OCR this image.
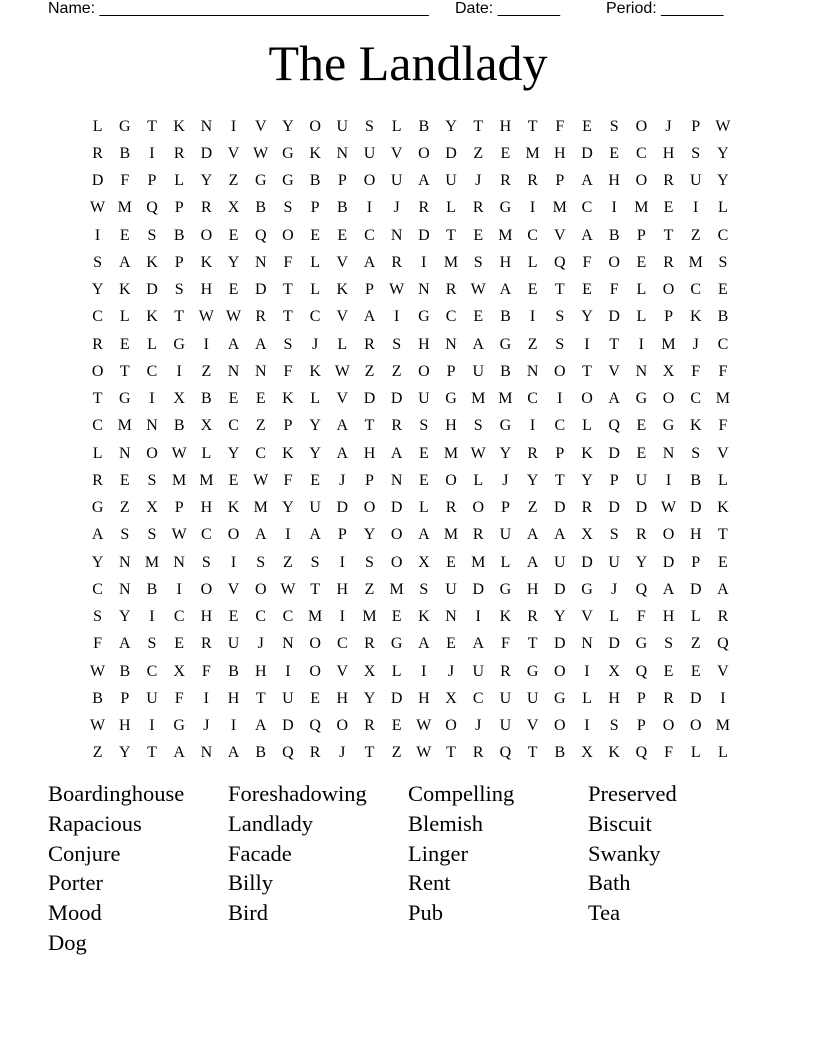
Name: _____________________________________ Date: _______	Period: _______
The Landlady
L	G	T	K N	I	V Y O U	S	L	B	Y	T	H	T	F	E	S	O	J	P W
R	B	I	R	D V W G K N U V O D	Z	E M H D	E	C	H	S	Y
D	F	P	L	Y	Z	G G	B	P	O U A U	J	R	R	P	A H O	R	U Y
W M Q	P	R	X	B	S	P	B	I	J	R	L	R	G	I	M C	I	M E	I	L
I	E	S	B	O	E	Q O	E	E	C	N D	T	E M C	V A	B	P	T	Z	C
S	A K	P	K Y N	F	L	V A	R	I	M S	H	L	Q	F	O	E	R M S
Y K D	S	H	E	D	T	L	K	P W N	R W A	E	T	E	F	L	O	C	E
C	L	K	T W W R	T	C	V A	I	G	C	E	B	I	S	Y D	L	P	K	B
R	E	L	G	I	A A	S	J	L	R	S	H N A G	Z	S	I	T	I	M	J	C
O	T	C	I	Z	N N	F	K W Z	Z	O	P	U	B	N O	T	V N X	F	F
T	G	I	X	B	E	E	K	L	V D D U G M M C	I	O A G O	C M
C M N	B	X	C	Z	P	Y A	T	R	S	H	S	G	I	C	L	Q	E	G K	F
L	N O W L	Y	C	K Y A H A	E M W Y	R	P	K D	E	N	S	V
R	E	S M M E W F	E	J	P	N	E	O	L	J	Y	T	Y	P	U	I	B	L
G	Z	X	P	H K M Y U D O D	L	R	O	P	Z	D	R	D D W D K
A	S	S W C	O A	I	A	P	Y O A M R	U A A X	S	R	O H	T
Y N M N	S	I	S	Z	S	I	S	O X	E M L	A U D U Y D	P	E
C	N	B	I	O V O W T	H	Z M S	U D G H D G	J	Q A D A
S	Y	I	C	H	E	C	C M	I	M E	K N	I	K	R	Y V	L	F	H	L	R
F	A	S	E	R	U	J	N O	C	R	G A	E	A	F	T	D N D G	S	Z	Q
W B	C	X	F	B	H	I	O V X	L	I	J	U	R	G O	I	X Q	E	E	V
B	P	U	F	I	H	T	U	E	H Y D H X	C	U U G	L	H	P	R	D	I
W H	I	G	J	I	A D Q O	R	E W O	J	U V O	I	S	P	O O M
Z	Y	T	A N A	B	Q	R	J	T	Z W T	R	Q	T	B	X K Q	F	L	L
Boardinghouse	Foreshadowing	Compelling	Preserved
Rapacious	Landlady	Blemish	Biscuit
Conjure	Facade	Linger	Swanky
Porter	Billy	Rent	Bath
Mood	Bird	Pub	Tea
Dog
